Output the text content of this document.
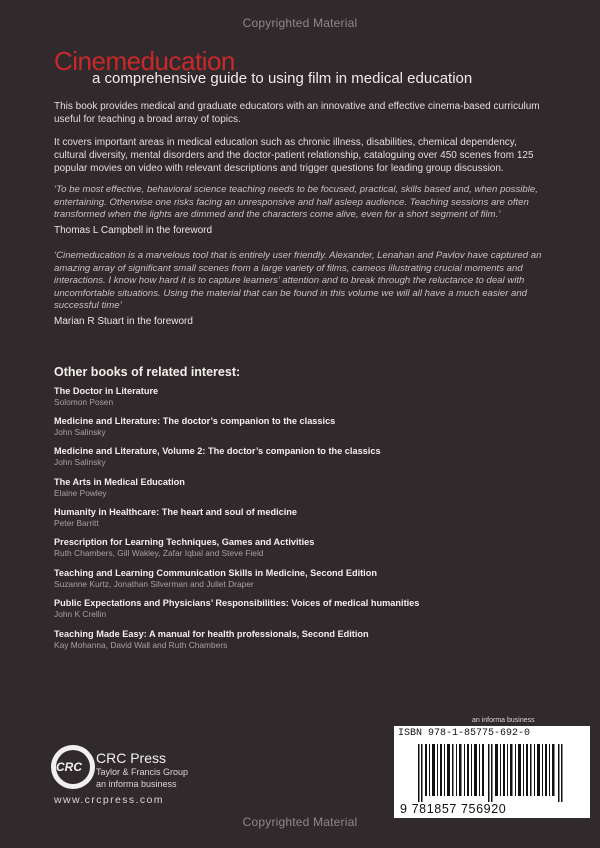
Copyrighted Material
Cinemeducation
a comprehensive guide to using film in medical education
This book provides medical and graduate educators with an innovative and effective cinema-based curriculum useful for teaching a broad array of topics.
It covers important areas in medical education such as chronic illness, disabilities, chemical dependency, cultural diversity, mental disorders and the doctor-patient relationship, cataloguing over 450 scenes from 125 popular movies on video with relevant descriptions and trigger questions for leading group discussion.
‘To be most effective, behavioral science teaching needs to be focused, practical, skills based and, when possible, entertaining. Otherwise one risks facing an unresponsive and half asleep audience. Teaching sessions are often transformed when the lights are dimmed and the characters come alive, even for a short segment of film.’
Thomas L Campbell in the foreword
‘Cinemeducation is a marvelous tool that is entirely user friendly. Alexander, Lenahan and Pavlov have captured an amazing array of significant small scenes from a large variety of films, cameos illustrating crucial moments and interactions. I know how hard it is to capture learners’ attention and to break through the reluctance to deal with uncomfortable situations. Using the material that can be found in this volume we will all have a much easier and successful time’
Marian R Stuart in the foreword
Other books of related interest:
The Doctor in Literature
Solomon Posen
Medicine and Literature: The doctor’s companion to the classics
John Salinsky
Medicine and Literature, Volume 2: The doctor’s companion to the classics
John Salinsky
The Arts in Medical Education
Elaine Powley
Humanity in Healthcare: The heart and soul of medicine
Peter Barritt
Prescription for Learning Techniques, Games and Activities
Ruth Chambers, Gill Wakley, Zafar Iqbal and Steve Field
Teaching and Learning Communication Skills in Medicine, Second Edition
Suzanne Kurtz, Jonathan Silverman and Juliet Draper
Public Expectations and Physicians’ Responsibilities: Voices of medical humanities
John K Crellin
Teaching Made Easy: A manual for health professionals, Second Edition
Kay Mohanna, David Wall and Ruth Chambers
CRC
CRC Press
Taylor & Francis Group
an informa business
www.crcpress.com
an informa business
ISBN 978-1-85775-692-0
9 781857 756920
Copyrighted Material
